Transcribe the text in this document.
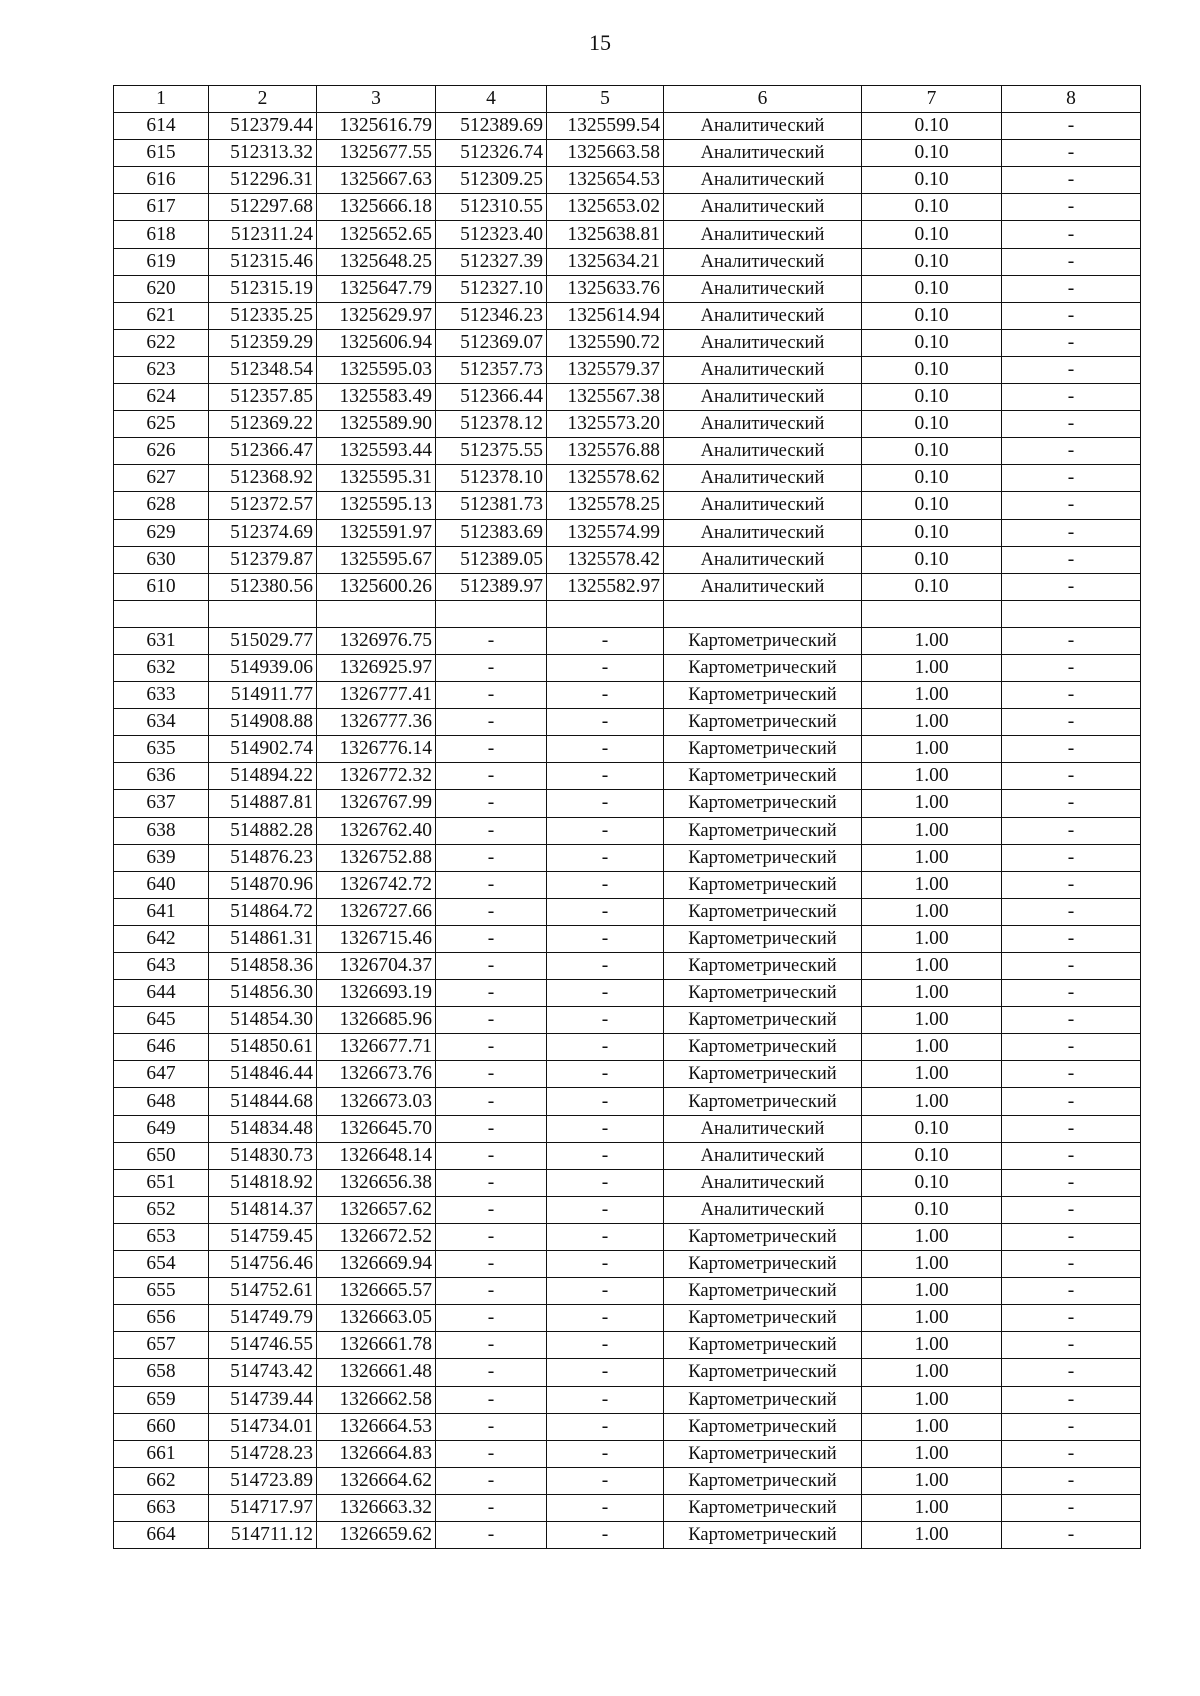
15
1	2	3	4	5	6	7	8
614	512379.44	1325616.79	512389.69	1325599.54	Аналитический	0.10	-
615	512313.32	1325677.55	512326.74	1325663.58	Аналитический	0.10	-
616	512296.31	1325667.63	512309.25	1325654.53	Аналитический	0.10	-
617	512297.68	1325666.18	512310.55	1325653.02	Аналитический	0.10	-
618	512311.24	1325652.65	512323.40	1325638.81	Аналитический	0.10	-
619	512315.46	1325648.25	512327.39	1325634.21	Аналитический	0.10	-
620	512315.19	1325647.79	512327.10	1325633.76	Аналитический	0.10	-
621	512335.25	1325629.97	512346.23	1325614.94	Аналитический	0.10	-
622	512359.29	1325606.94	512369.07	1325590.72	Аналитический	0.10	-
623	512348.54	1325595.03	512357.73	1325579.37	Аналитический	0.10	-
624	512357.85	1325583.49	512366.44	1325567.38	Аналитический	0.10	-
625	512369.22	1325589.90	512378.12	1325573.20	Аналитический	0.10	-
626	512366.47	1325593.44	512375.55	1325576.88	Аналитический	0.10	-
627	512368.92	1325595.31	512378.10	1325578.62	Аналитический	0.10	-
628	512372.57	1325595.13	512381.73	1325578.25	Аналитический	0.10	-
629	512374.69	1325591.97	512383.69	1325574.99	Аналитический	0.10	-
630	512379.87	1325595.67	512389.05	1325578.42	Аналитический	0.10	-
610	512380.56	1325600.26	512389.97	1325582.97	Аналитический	0.10	-

631	515029.77	1326976.75	-	-	Картометрический	1.00	-
632	514939.06	1326925.97	-	-	Картометрический	1.00	-
633	514911.77	1326777.41	-	-	Картометрический	1.00	-
634	514908.88	1326777.36	-	-	Картометрический	1.00	-
635	514902.74	1326776.14	-	-	Картометрический	1.00	-
636	514894.22	1326772.32	-	-	Картометрический	1.00	-
637	514887.81	1326767.99	-	-	Картометрический	1.00	-
638	514882.28	1326762.40	-	-	Картометрический	1.00	-
639	514876.23	1326752.88	-	-	Картометрический	1.00	-
640	514870.96	1326742.72	-	-	Картометрический	1.00	-
641	514864.72	1326727.66	-	-	Картометрический	1.00	-
642	514861.31	1326715.46	-	-	Картометрический	1.00	-
643	514858.36	1326704.37	-	-	Картометрический	1.00	-
644	514856.30	1326693.19	-	-	Картометрический	1.00	-
645	514854.30	1326685.96	-	-	Картометрический	1.00	-
646	514850.61	1326677.71	-	-	Картометрический	1.00	-
647	514846.44	1326673.76	-	-	Картометрический	1.00	-
648	514844.68	1326673.03	-	-	Картометрический	1.00	-
649	514834.48	1326645.70	-	-	Аналитический	0.10	-
650	514830.73	1326648.14	-	-	Аналитический	0.10	-
651	514818.92	1326656.38	-	-	Аналитический	0.10	-
652	514814.37	1326657.62	-	-	Аналитический	0.10	-
653	514759.45	1326672.52	-	-	Картометрический	1.00	-
654	514756.46	1326669.94	-	-	Картометрический	1.00	-
655	514752.61	1326665.57	-	-	Картометрический	1.00	-
656	514749.79	1326663.05	-	-	Картометрический	1.00	-
657	514746.55	1326661.78	-	-	Картометрический	1.00	-
658	514743.42	1326661.48	-	-	Картометрический	1.00	-
659	514739.44	1326662.58	-	-	Картометрический	1.00	-
660	514734.01	1326664.53	-	-	Картометрический	1.00	-
661	514728.23	1326664.83	-	-	Картометрический	1.00	-
662	514723.89	1326664.62	-	-	Картометрический	1.00	-
663	514717.97	1326663.32	-	-	Картометрический	1.00	-
664	514711.12	1326659.62	-	-	Картометрический	1.00	-
